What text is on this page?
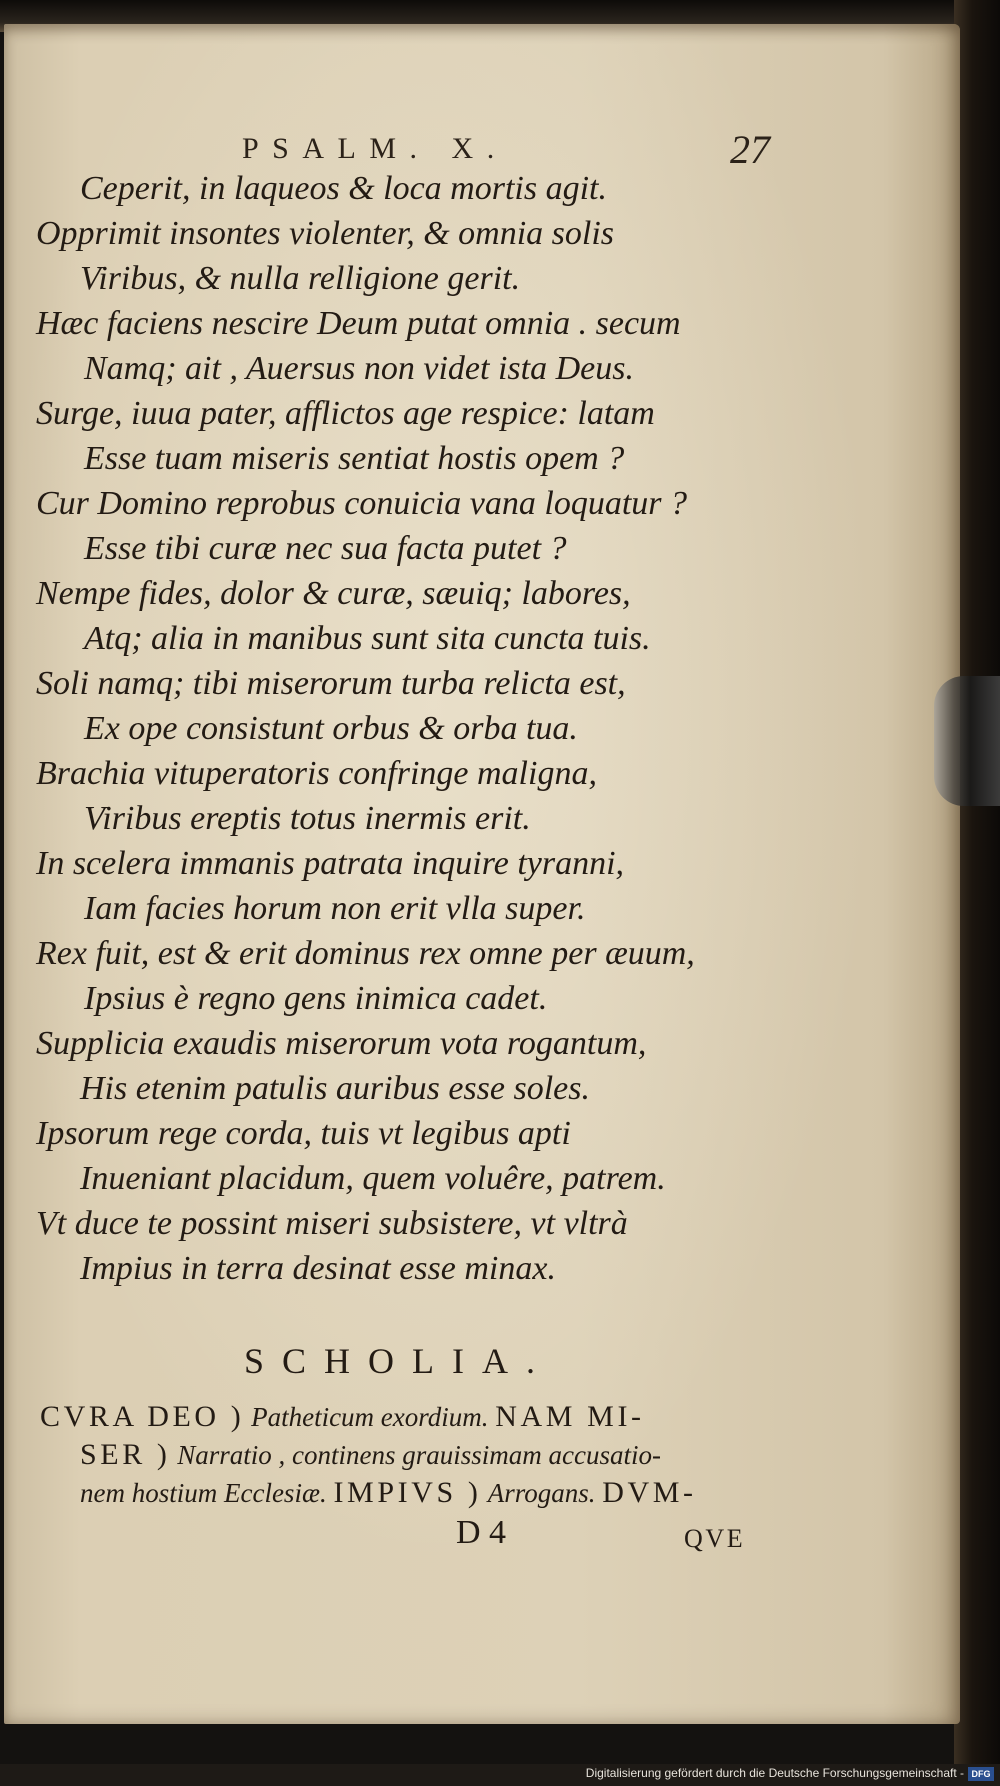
PSALM. X.	27
Ceperit, in laqueos & loca mortis agit.
Opprimit insontes violenter, & omnia solis
Viribus, & nulla relligione gerit.
Hæc faciens nescire Deum putat omnia . secum
Namq; ait , Auersus non videt ista Deus.
Surge, iuua pater, afflictos age respice: latam
Esse tuam miseris sentiat hostis opem ?
Cur Domino reprobus conuicia vana loquatur ?
Esse tibi curæ nec sua facta putet ?
Nempe fides, dolor & curæ, sæuiq; labores,
Atq; alia in manibus sunt sita cuncta tuis.
Soli namq; tibi miserorum turba relicta est,
Ex ope consistunt orbus & orba tua.
Brachia vituperatoris confringe maligna,
Viribus ereptis totus inermis erit.
In scelera immanis patrata inquire tyranni,
Iam facies horum non erit vlla super.
Rex fuit, est & erit dominus rex omne per æuum,
Ipsius è regno gens inimica cadet.
Supplicia exaudis miserorum vota rogantum,
His etenim patulis auribus esse soles.
Ipsorum rege corda, tuis vt legibus apti
Inueniant placidum, quem voluêre, patrem.
Vt duce te possint miseri subsistere, vt vltrà
Impius in terra desinat esse minax.
SCHOLIA.
CVRA DEO ) Patheticum exordium. NAM MI-
SER ) Narratio , continens grauissimam accusatio-
nem hostium Ecclesiæ. IMPIVS ) Arrogans. DVM-
D 4	QVE
Digitalisierung gefördert durch die Deutsche Forschungsgemeinschaft - DFG
